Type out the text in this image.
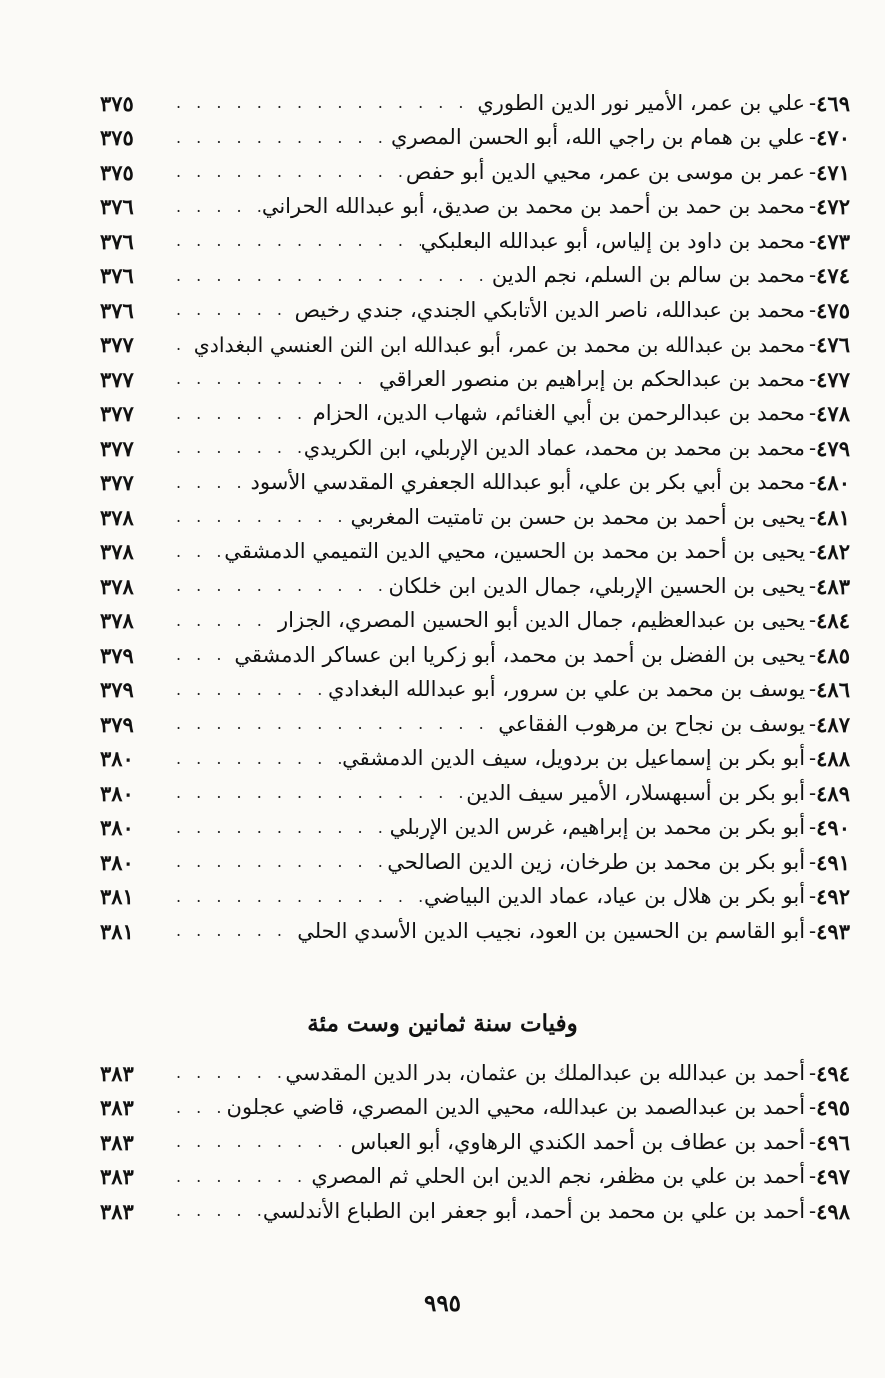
٤٦٩
-
علي بن عمر، الأمير نور الدين الطوري
. . .
٣٧٥
٤٧٠
-
علي بن همام بن راجي الله، أبو الحسن المصري
. . .
٣٧٥
٤٧١
-
عمر بن موسى بن عمر، محيي الدين أبو حفص
. . .
٣٧٥
٤٧٢
-
محمد بن حمد بن أحمد بن محمد بن صديق، أبو عبدالله الحراني
. . .
٣٧٦
٤٧٣
-
محمد بن داود بن إلياس، أبو عبدالله البعلبكي
. . .
٣٧٦
٤٧٤
-
محمد بن سالم بن السلم، نجم الدين
. . .
٣٧٦
٤٧٥
-
محمد بن عبدالله، ناصر الدين الأتابكي الجندي، جندي رخيص
. . .
٣٧٦
٤٧٦
-
محمد بن عبدالله بن محمد بن عمر، أبو عبدالله ابن النن العنسي البغدادي
. . .
٣٧٧
٤٧٧
-
محمد بن عبدالحكم بن إبراهيم بن منصور العراقي
. . .
٣٧٧
٤٧٨
-
محمد بن عبدالرحمن بن أبي الغنائم، شهاب الدين، الحزام
. . .
٣٧٧
٤٧٩
-
محمد بن محمد بن محمد، عماد الدين الإربلي، ابن الكريدي
. . .
٣٧٧
٤٨٠
-
محمد بن أبي بكر بن علي، أبو عبدالله الجعفري المقدسي الأسود
. . .
٣٧٧
٤٨١
-
يحيى بن أحمد بن محمد بن حسن بن تامتيت المغربي
. . .
٣٧٨
٤٨٢
-
يحيى بن أحمد بن محمد بن الحسين، محيي الدين التميمي الدمشقي
. . .
٣٧٨
٤٨٣
-
يحيى بن الحسين الإربلي، جمال الدين ابن خلكان
. . .
٣٧٨
٤٨٤
-
يحيى بن عبدالعظيم، جمال الدين أبو الحسين المصري، الجزار
. . .
٣٧٨
٤٨٥
-
يحيى بن الفضل بن أحمد بن محمد، أبو زكريا ابن عساكر الدمشقي
. . .
٣٧٩
٤٨٦
-
يوسف بن محمد بن علي بن سرور، أبو عبدالله البغدادي
. . .
٣٧٩
٤٨٧
-
يوسف بن نجاح بن مرهوب الفقاعي
. . .
٣٧٩
٤٨٨
-
أبو بكر بن إسماعيل بن بردويل، سيف الدين الدمشقي
. . .
٣٨٠
٤٨٩
-
أبو بكر بن أسبهسلار، الأمير سيف الدين
. . .
٣٨٠
٤٩٠
-
أبو بكر بن محمد بن إبراهيم، غرس الدين الإربلي
. . .
٣٨٠
٤٩١
-
أبو بكر بن محمد بن طرخان، زين الدين الصالحي
. . .
٣٨٠
٤٩٢
-
أبو بكر بن هلال بن عياد، عماد الدين البياضي
. . .
٣٨١
٤٩٣
-
أبو القاسم بن الحسين بن العود، نجيب الدين الأسدي الحلي
. . .
٣٨١
وفيات سنة ثمانين وست مئة
٤٩٤
-
أحمد بن عبدالله بن عبدالملك بن عثمان، بدر الدين المقدسي
. . .
٣٨٣
٤٩٥
-
أحمد بن عبدالصمد بن عبدالله، محيي الدين المصري، قاضي عجلون
. . .
٣٨٣
٤٩٦
-
أحمد بن عطاف بن أحمد الكندي الرهاوي، أبو العباس
. . .
٣٨٣
٤٩٧
-
أحمد بن علي بن مظفر، نجم الدين ابن الحلي ثم المصري
. . .
٣٨٣
٤٩٨
-
أحمد بن علي بن محمد بن أحمد، أبو جعفر ابن الطباع الأندلسي
. . .
٣٨٣
٩٩٥
